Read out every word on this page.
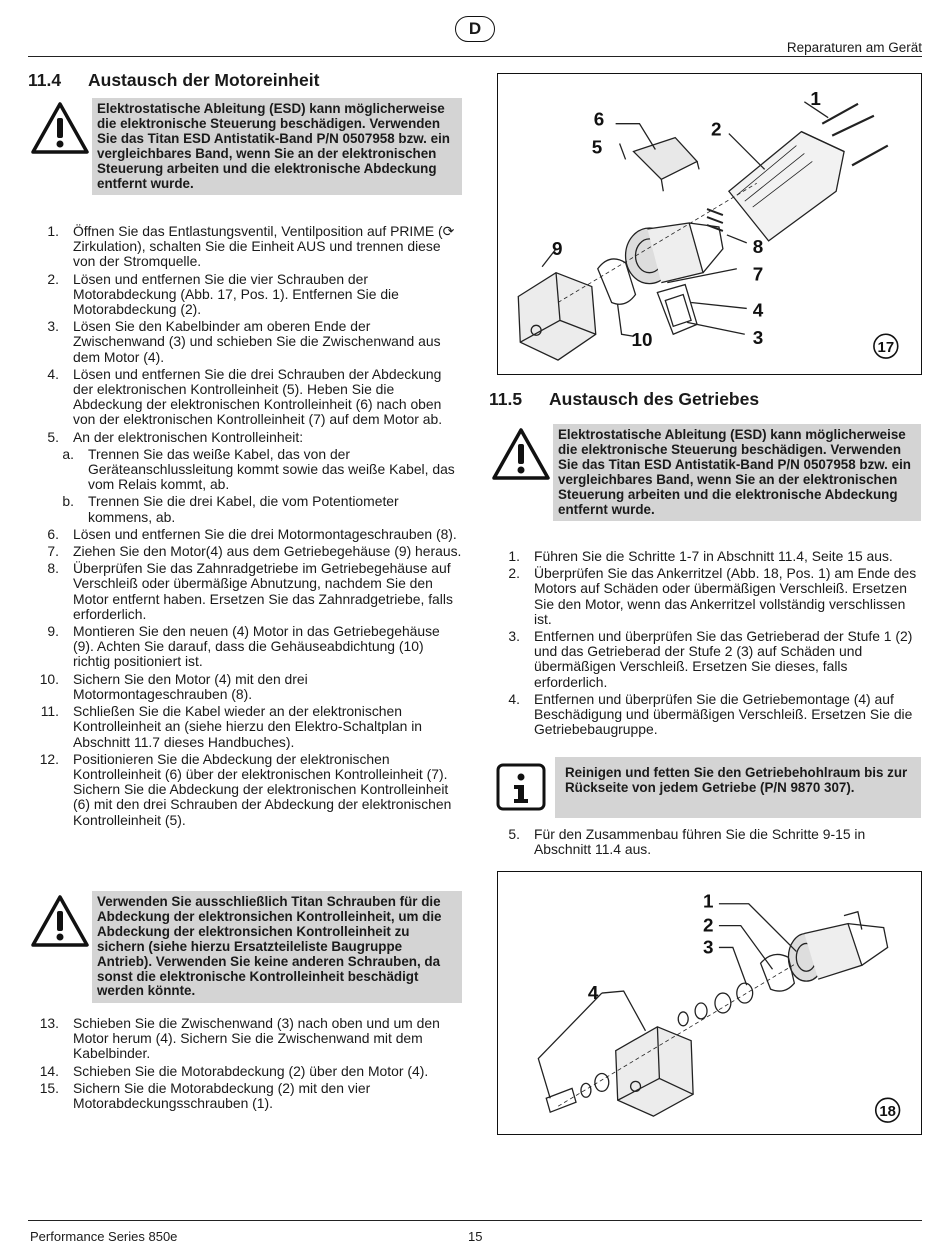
D
Reparaturen am Gerät
11.4 Austausch der Motoreinheit
Elektrostatische Ableitung (ESD) kann möglicherweise die elektronische Steuerung beschädigen. Verwenden Sie das Titan ESD Antistatik-Band P/N 0507958 bzw. ein vergleichbares Band, wenn Sie an der elektronischen Steuerung arbeiten und die elektronische Abdeckung entfernt wurde.
1.	Öffnen Sie das Entlastungsventil, Ventilposition auf PRIME (⟳ Zirkulation), schalten Sie die Einheit AUS und trennen diese von der Stromquelle.
2.	Lösen und entfernen Sie die vier Schrauben der Motorabdeckung (Abb. 17, Pos. 1). Entfernen Sie die Motorabdeckung (2).
3.	Lösen Sie den Kabelbinder am oberen Ende der Zwischenwand (3) und schieben Sie die Zwischenwand aus dem Motor (4).
4.	Lösen und entfernen Sie die drei Schrauben der Abdeckung der elektronischen Kontrolleinheit (5). Heben Sie die Abdeckung der elektronischen Kontrolleinheit (6) nach oben von der elektronischen Kontrolleinheit (7) auf dem Motor ab.
5.	An der elektronischen Kontrolleinheit:
a.	Trennen Sie das weiße Kabel, das von der Geräteanschlussleitung kommt sowie das weiße Kabel, das vom Relais kommt, ab.
b.	Trennen Sie die drei Kabel, die vom Potentiometer kommens, ab.
6.	Lösen und entfernen Sie die drei Motormontageschrauben (8).
7.	Ziehen Sie den Motor(4) aus dem Getriebegehäuse (9) heraus.
8.	Überprüfen Sie das Zahnradgetriebe im Getriebegehäuse auf Verschleiß oder übermäßige Abnutzung, nachdem Sie den Motor entfernt haben. Ersetzen Sie das Zahnradgetriebe, falls erforderlich.
9.	Montieren Sie den neuen (4) Motor in das Getriebegehäuse (9). Achten Sie darauf, dass die Gehäuseabdichtung (10) richtig positioniert ist.
10.	Sichern Sie den Motor (4) mit den drei Motormontageschrauben (8).
11.	Schließen Sie die Kabel wieder an der elektronischen Kontrolleinheit an (siehe hierzu den Elektro-Schaltplan in Abschnitt 11.7 dieses Handbuches).
12.	Positionieren Sie die Abdeckung der elektronischen Kontrolleinheit (6) über der elektronischen Kontrolleinheit (7). Sichern Sie die Abdeckung der elektronischen Kontrolleinheit (6) mit den drei Schrauben der Abdeckung der elektronischen Kontrolleinheit (5).
Verwenden Sie ausschließlich Titan Schrauben für die Abdeckung der elektronsichen Kontrolleinheit, um die Abdeckung der elektronsichen Kontrolleinheit zu sichern (siehe hierzu Ersatzteileliste Baugruppe Antrieb). Verwenden Sie keine anderen Schrauben, da sonst die elektronische Kontrolleinheit beschädigt werden könnte.
13.	Schieben Sie die Zwischenwand (3) nach oben und um den Motor herum (4). Sichern Sie die Zwischenwand mit dem Kabelbinder.
14.	Schieben Sie die Motorabdeckung (2) über den Motor (4).
15.	Sichern Sie die Motorabdeckung (2) mit den vier Motorabdeckungsschrauben (1).
1
2
3
4
5
6
7
8
9
10	17
11.5 Austausch des Getriebes
Elektrostatische Ableitung (ESD) kann möglicherweise die elektronische Steuerung beschädigen. Verwenden Sie das Titan ESD Antistatik-Band P/N 0507958 bzw. ein vergleichbares Band, wenn Sie an der elektronischen Steuerung arbeiten und die elektronische Abdeckung entfernt wurde.
1.	Führen Sie die Schritte 1-7 in Abschnitt 11.4, Seite 15 aus.
2.	Überprüfen Sie das Ankerritzel (Abb. 18, Pos. 1) am Ende des Motors auf Schäden oder übermäßigen Verschleiß. Ersetzen Sie den Motor, wenn das Ankerritzel vollständig verschlissen ist.
3.	Entfernen und überprüfen Sie das Getrieberad der Stufe 1 (2) und das Getrieberad der Stufe 2 (3) auf Schäden und übermäßigen Verschleiß. Ersetzen Sie dieses, falls erforderlich.
4.	Entfernen und überprüfen Sie die Getriebemontage (4) auf Beschädigung und übermäßigen Verschleiß. Ersetzen Sie die Getriebebaugruppe.
Reinigen und fetten Sie den Getriebehohlraum bis zur Rückseite von jedem Getriebe (P/N 9870 307).
5.	Für den Zusammenbau führen Sie die Schritte 9-15 in Abschnitt 11.4 aus.
1
2
3
4
18
Performance Series 850e	15
